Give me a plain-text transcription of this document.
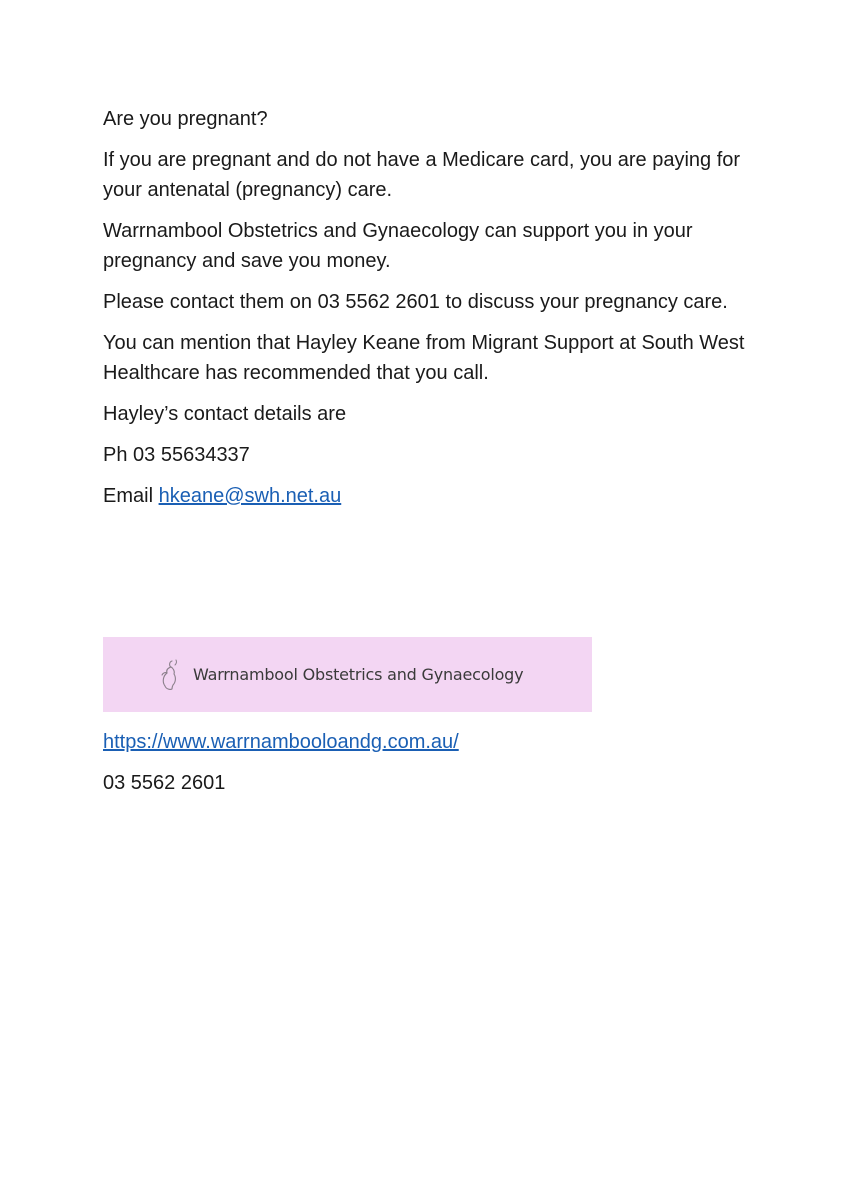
Are you pregnant?

If you are pregnant and do not have a Medicare card, you are paying for your antenatal (pregnancy) care.

Warrnambool Obstetrics and Gynaecology can support you in your pregnancy and save you money.

Please contact them on 03 5562 2601 to discuss your pregnancy care.

You can mention that Hayley Keane from Migrant Support at South West Healthcare has recommended that you call.

Hayley’s contact details are

Ph 03 55634337

Email hkeane@swh.net.au

Warrnambool Obstetrics and Gynaecology

https://www.warrnambooloandg.com.au/

03 5562 2601
